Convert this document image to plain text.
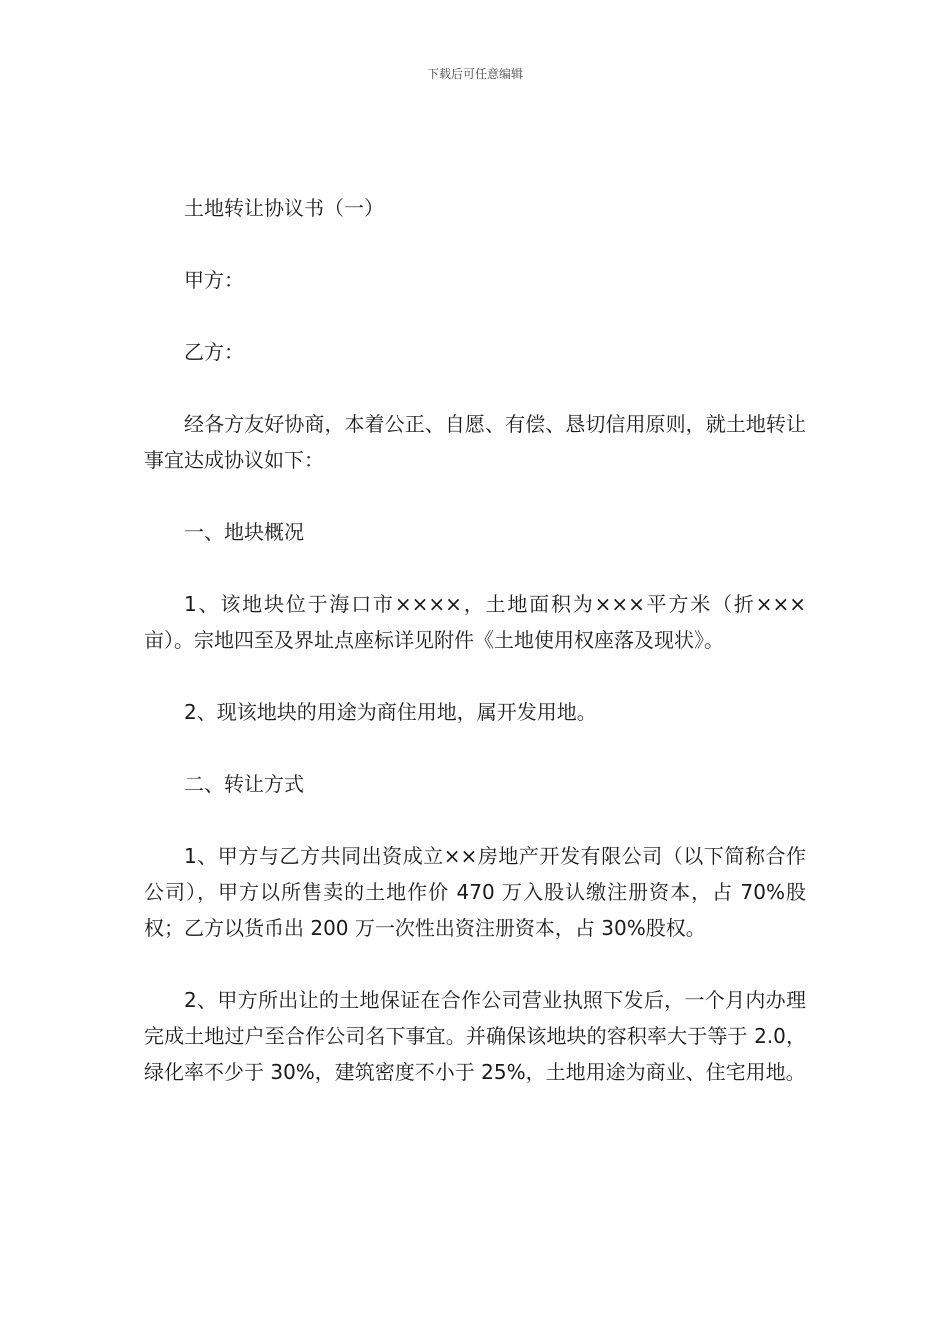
下载后可任意编辑

土地转让协议书（一）

甲方：

乙方：

经各方友好协商，本着公正、自愿、有偿、恳切信用原则，就土地转让事宜达成协议如下：

一、地块概况

1、该地块位于海口市××××，土地面积为×××平方米（折×××亩）。宗地四至及界址点座标详见附件《土地使用权座落及现状》。

2、现该地块的用途为商住用地，属开发用地。

二、转让方式

1、甲方与乙方共同出资成立××房地产开发有限公司（以下简称合作公司），甲方以所售卖的土地作价 470 万入股认缴注册资本，占 70%股权；乙方以货币出 200 万一次性出资注册资本，占 30%股权。

2、甲方所出让的土地保证在合作公司营业执照下发后，一个月内办理完成土地过户至合作公司名下事宜。并确保该地块的容积率大于等于 2.0，绿化率不少于 30%，建筑密度不小于 25%，土地用途为商业、住宅用地。
